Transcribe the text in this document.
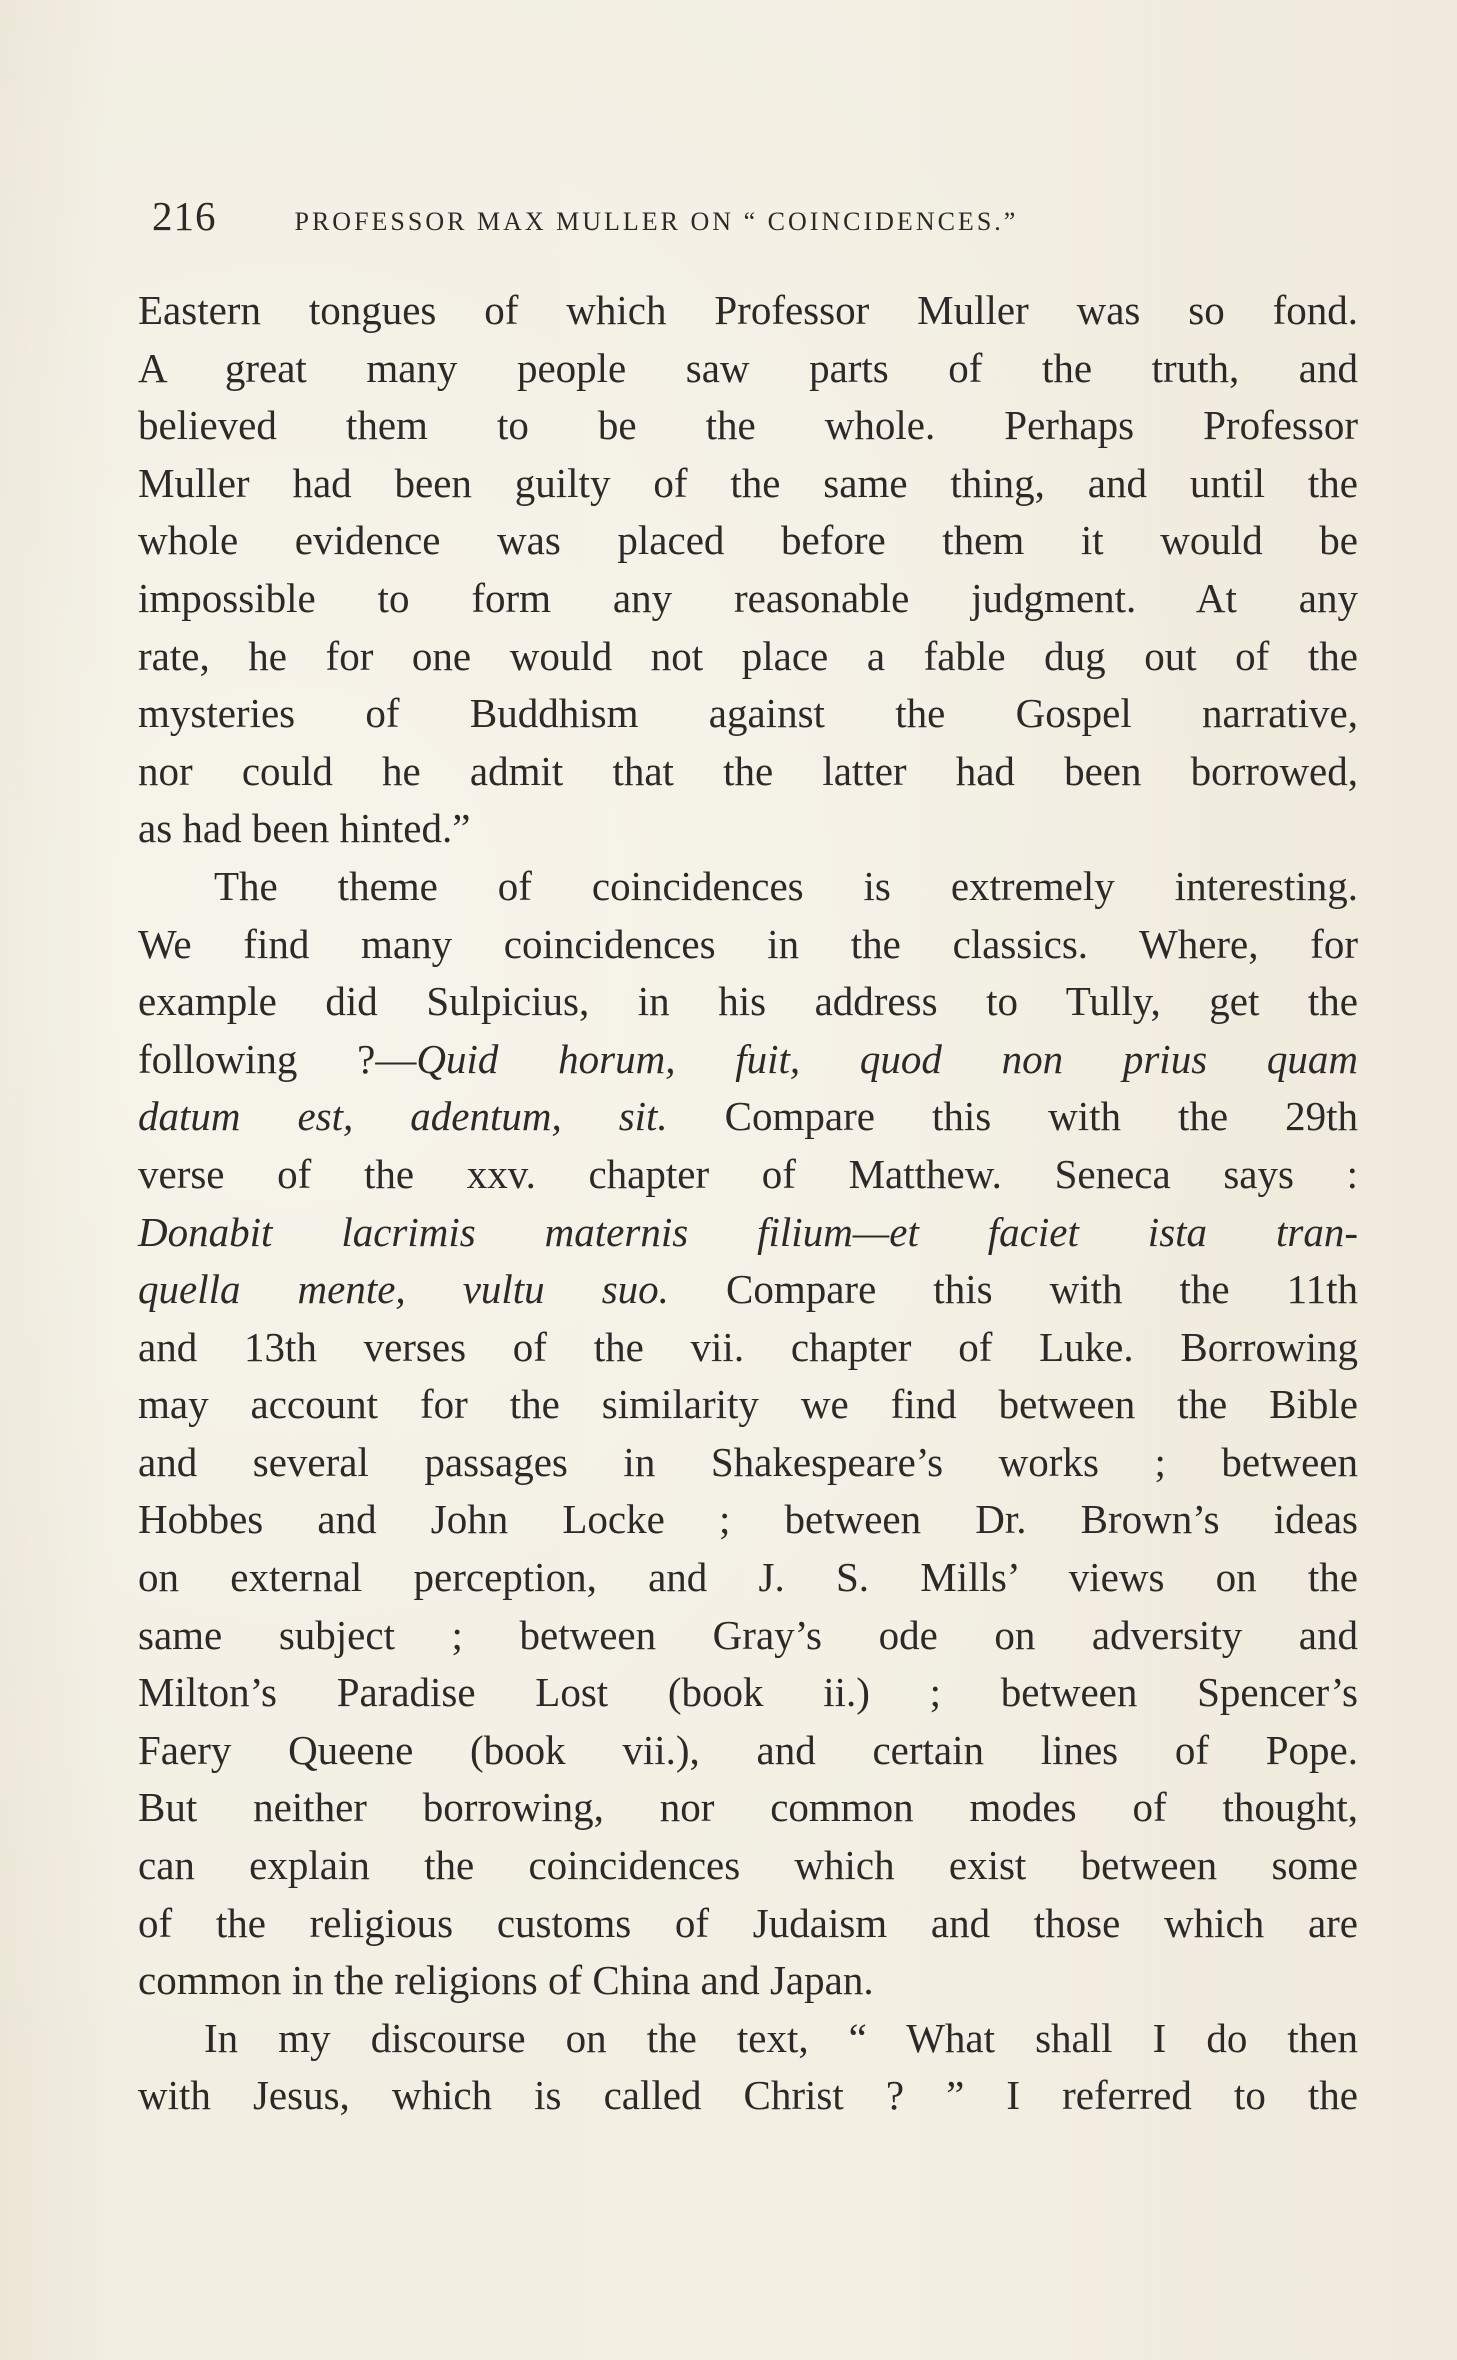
216	PROFESSOR MAX MULLER ON “ COINCIDENCES.”
Eastern tongues of which Professor Muller was so fond.
A great many people saw parts of the truth, and
believed them to be the whole. Perhaps Professor
Muller had been guilty of the same thing, and until the
whole evidence was placed before them it would be
impossible to form any reasonable judgment. At any
rate, he for one would not place a fable dug out of the
mysteries of Buddhism against the Gospel narrative,
nor could he admit that the latter had been borrowed,
as had been hinted.”
The theme of coincidences is extremely interesting.
We find many coincidences in the classics. Where, for
example did Sulpicius, in his address to Tully, get the
following ?—Quid horum, fuit, quod non prius quam
datum est, adentum, sit. Compare this with the 29th
verse of the xxv. chapter of Matthew. Seneca says :
Donabit lacrimis maternis filium—et faciet ista tran-
quella mente, vultu suo. Compare this with the 11th
and 13th verses of the vii. chapter of Luke. Borrowing
may account for the similarity we find between the Bible
and several passages in Shakespeare’s works ; between
Hobbes and John Locke ; between Dr. Brown’s ideas
on external perception, and J. S. Mills’ views on the
same subject ; between Gray’s ode on adversity and
Milton’s Paradise Lost (book ii.) ; between Spencer’s
Faery Queene (book vii.), and certain lines of Pope.
But neither borrowing, nor common modes of thought,
can explain the coincidences which exist between some
of the religious customs of Judaism and those which are
common in the religions of China and Japan.
In my discourse on the text, “ What shall I do then
with Jesus, which is called Christ ? ” I referred to the
